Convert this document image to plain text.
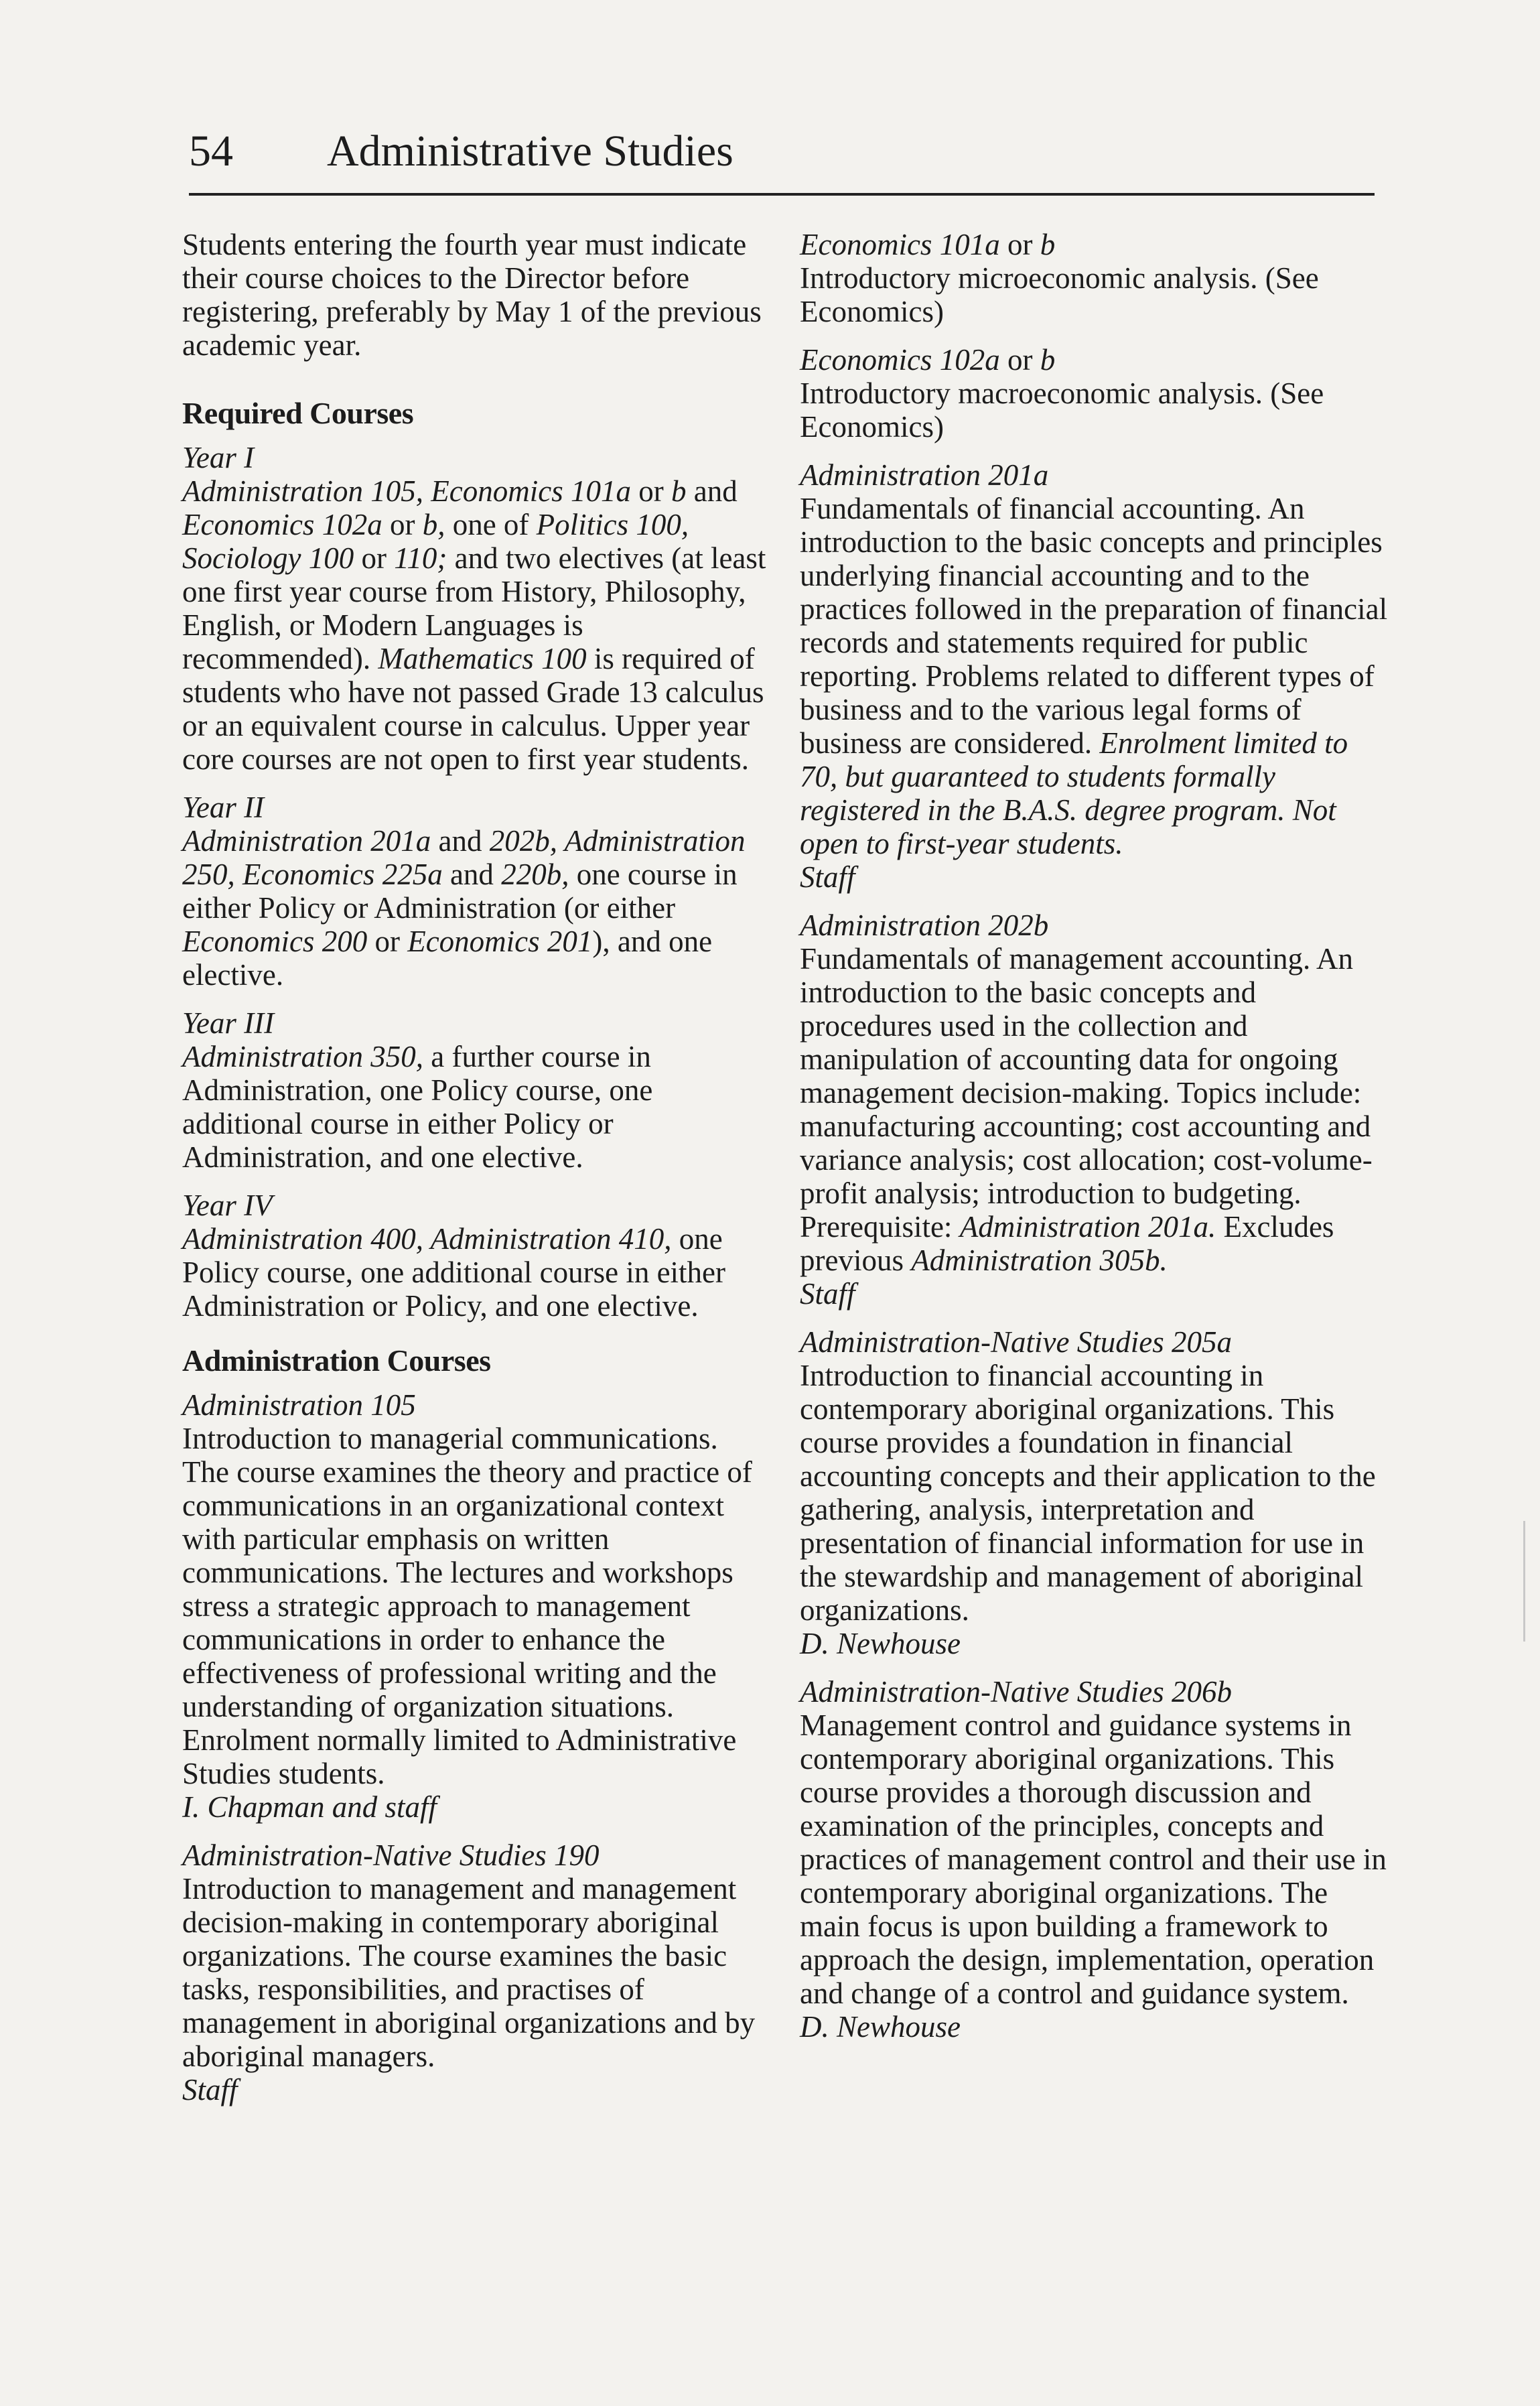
54 Administrative Studies

Students entering the fourth year must indicate their course choices to the Director before registering, preferably by May 1 of the previous academic year.

Required Courses

Year I

Administration 105, Economics 101a or b and Economics 102a or b, one of Politics 100, Sociology 100 or 110; and two electives (at least one first year course from History, Philosophy, English, or Modern Languages is recommended). Mathematics 100 is required of students who have not passed Grade 13 calculus or an equivalent course in calculus. Upper year core courses are not open to first year students.

Year II

Administration 201a and 202b, Administration 250, Economics 225a and 220b, one course in either Policy or Administration (or either Economics 200 or Economics 201), and one elective.

Year III

Administration 350, a further course in Administration, one Policy course, one additional course in either Policy or Administration, and one elective.

Year IV

Administration 400, Administration 410, one Policy course, one additional course in either Administration or Policy, and one elective.

Administration Courses

Administration 105

Introduction to managerial communications. The course examines the theory and practice of communications in an organizational context with particular emphasis on written communications. The lectures and workshops stress a strategic approach to management communications in order to enhance the effectiveness of professional writing and the understanding of organization situations. Enrolment normally limited to Administrative Studies students.

I. Chapman and staff

Administration-Native Studies 190

Introduction to management and management decision-making in contemporary aboriginal organizations. The course examines the basic tasks, responsibilities, and practises of management in aboriginal organizations and by aboriginal managers.

Staff

Economics 101a or b

Introductory microeconomic analysis. (See Economics)

Economics 102a or b

Introductory macroeconomic analysis. (See Economics)

Administration 201a

Fundamentals of financial accounting. An introduction to the basic concepts and principles underlying financial accounting and to the practices followed in the preparation of financial records and statements required for public reporting. Problems related to different types of business and to the various legal forms of business are considered. Enrolment limited to 70, but guaranteed to students formally registered in the B.A.S. degree program. Not open to first-year students.

Staff

Administration 202b

Fundamentals of management accounting. An introduction to the basic concepts and procedures used in the collection and manipulation of accounting data for ongoing management decision-making. Topics include: manufacturing accounting; cost accounting and variance analysis; cost allocation; cost-volume-profit analysis; introduction to budgeting. Prerequisite: Administration 201a. Excludes previous Administration 305b.

Staff

Administration-Native Studies 205a

Introduction to financial accounting in contemporary aboriginal organizations. This course provides a foundation in financial accounting concepts and their application to the gathering, analysis, interpretation and presentation of financial information for use in the stewardship and management of aboriginal organizations.

D. Newhouse

Administration-Native Studies 206b

Management control and guidance systems in contemporary aboriginal organizations. This course provides a thorough discussion and examination of the principles, concepts and practices of management control and their use in contemporary aboriginal organizations. The main focus is upon building a framework to approach the design, implementation, operation and change of a control and guidance system.

D. Newhouse
